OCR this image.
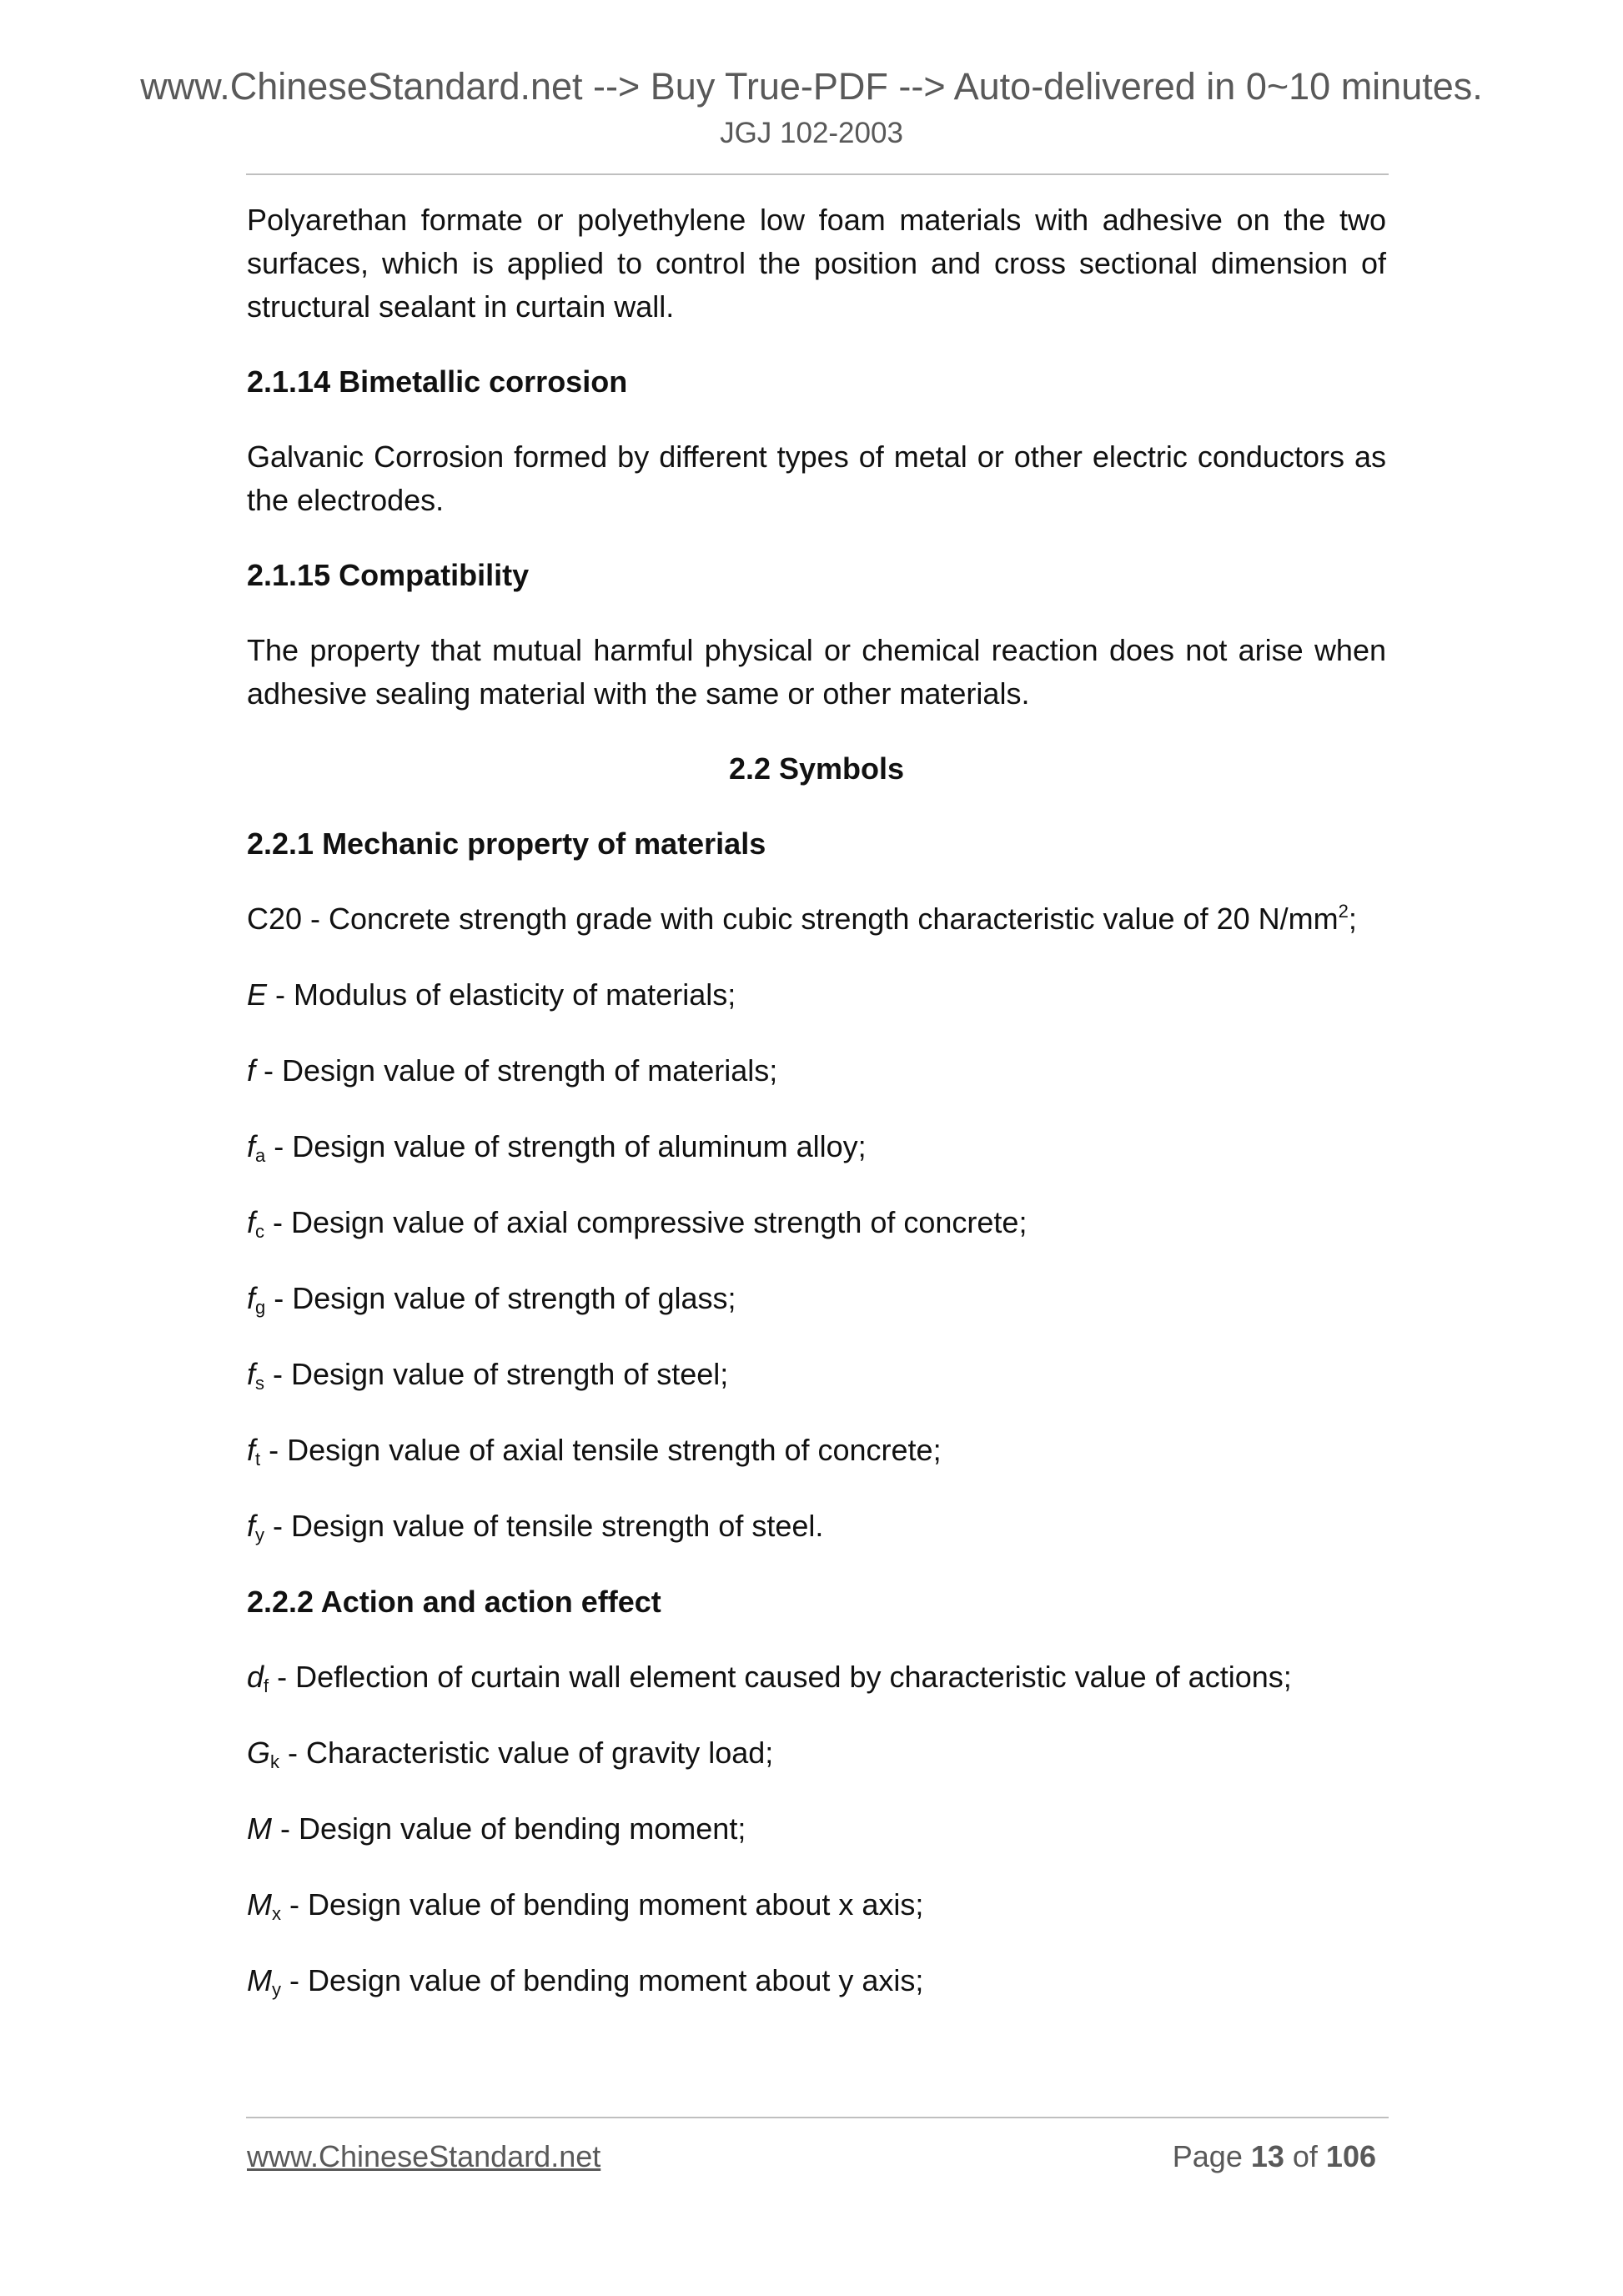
www.ChineseStandard.net --> Buy True-PDF --> Auto-delivered in 0~10 minutes.
JGJ 102-2003

Polyarethan formate or polyethylene low foam materials with adhesive on the two surfaces, which is applied to control the position and cross sectional dimension of structural sealant in curtain wall.

2.1.14 Bimetallic corrosion

Galvanic Corrosion formed by different types of metal or other electric conductors as the electrodes.

2.1.15 Compatibility

The property that mutual harmful physical or chemical reaction does not arise when adhesive sealing material with the same or other materials.

2.2 Symbols
2.2.1 Mechanic property of materials
C20 - Concrete strength grade with cubic strength characteristic value of 20 $N/mm^2$;
E - Modulus of elasticity of materials;
f - Design value of strength of materials;
$f_a$ - Design value of strength of aluminum alloy;
$f_c$ - Design value of axial compressive strength of concrete;
$f_g$ - Design value of strength of glass;
$f_s$ - Design value of strength of steel;
$f_t$ - Design value of axial tensile strength of concrete;
$f_y$ - Design value of tensile strength of steel.
2.2.2 Action and action effect
$d_f$ - Deflection of curtain wall element caused by characteristic value of actions;
$G_k$ - Characteristic value of gravity load;
M - Design value of bending moment;
$M_x$ - Design value of bending moment about x axis;
$M_y$ - Design value of bending moment about y axis;
www.ChineseStandard.net	Page 13 of 106
